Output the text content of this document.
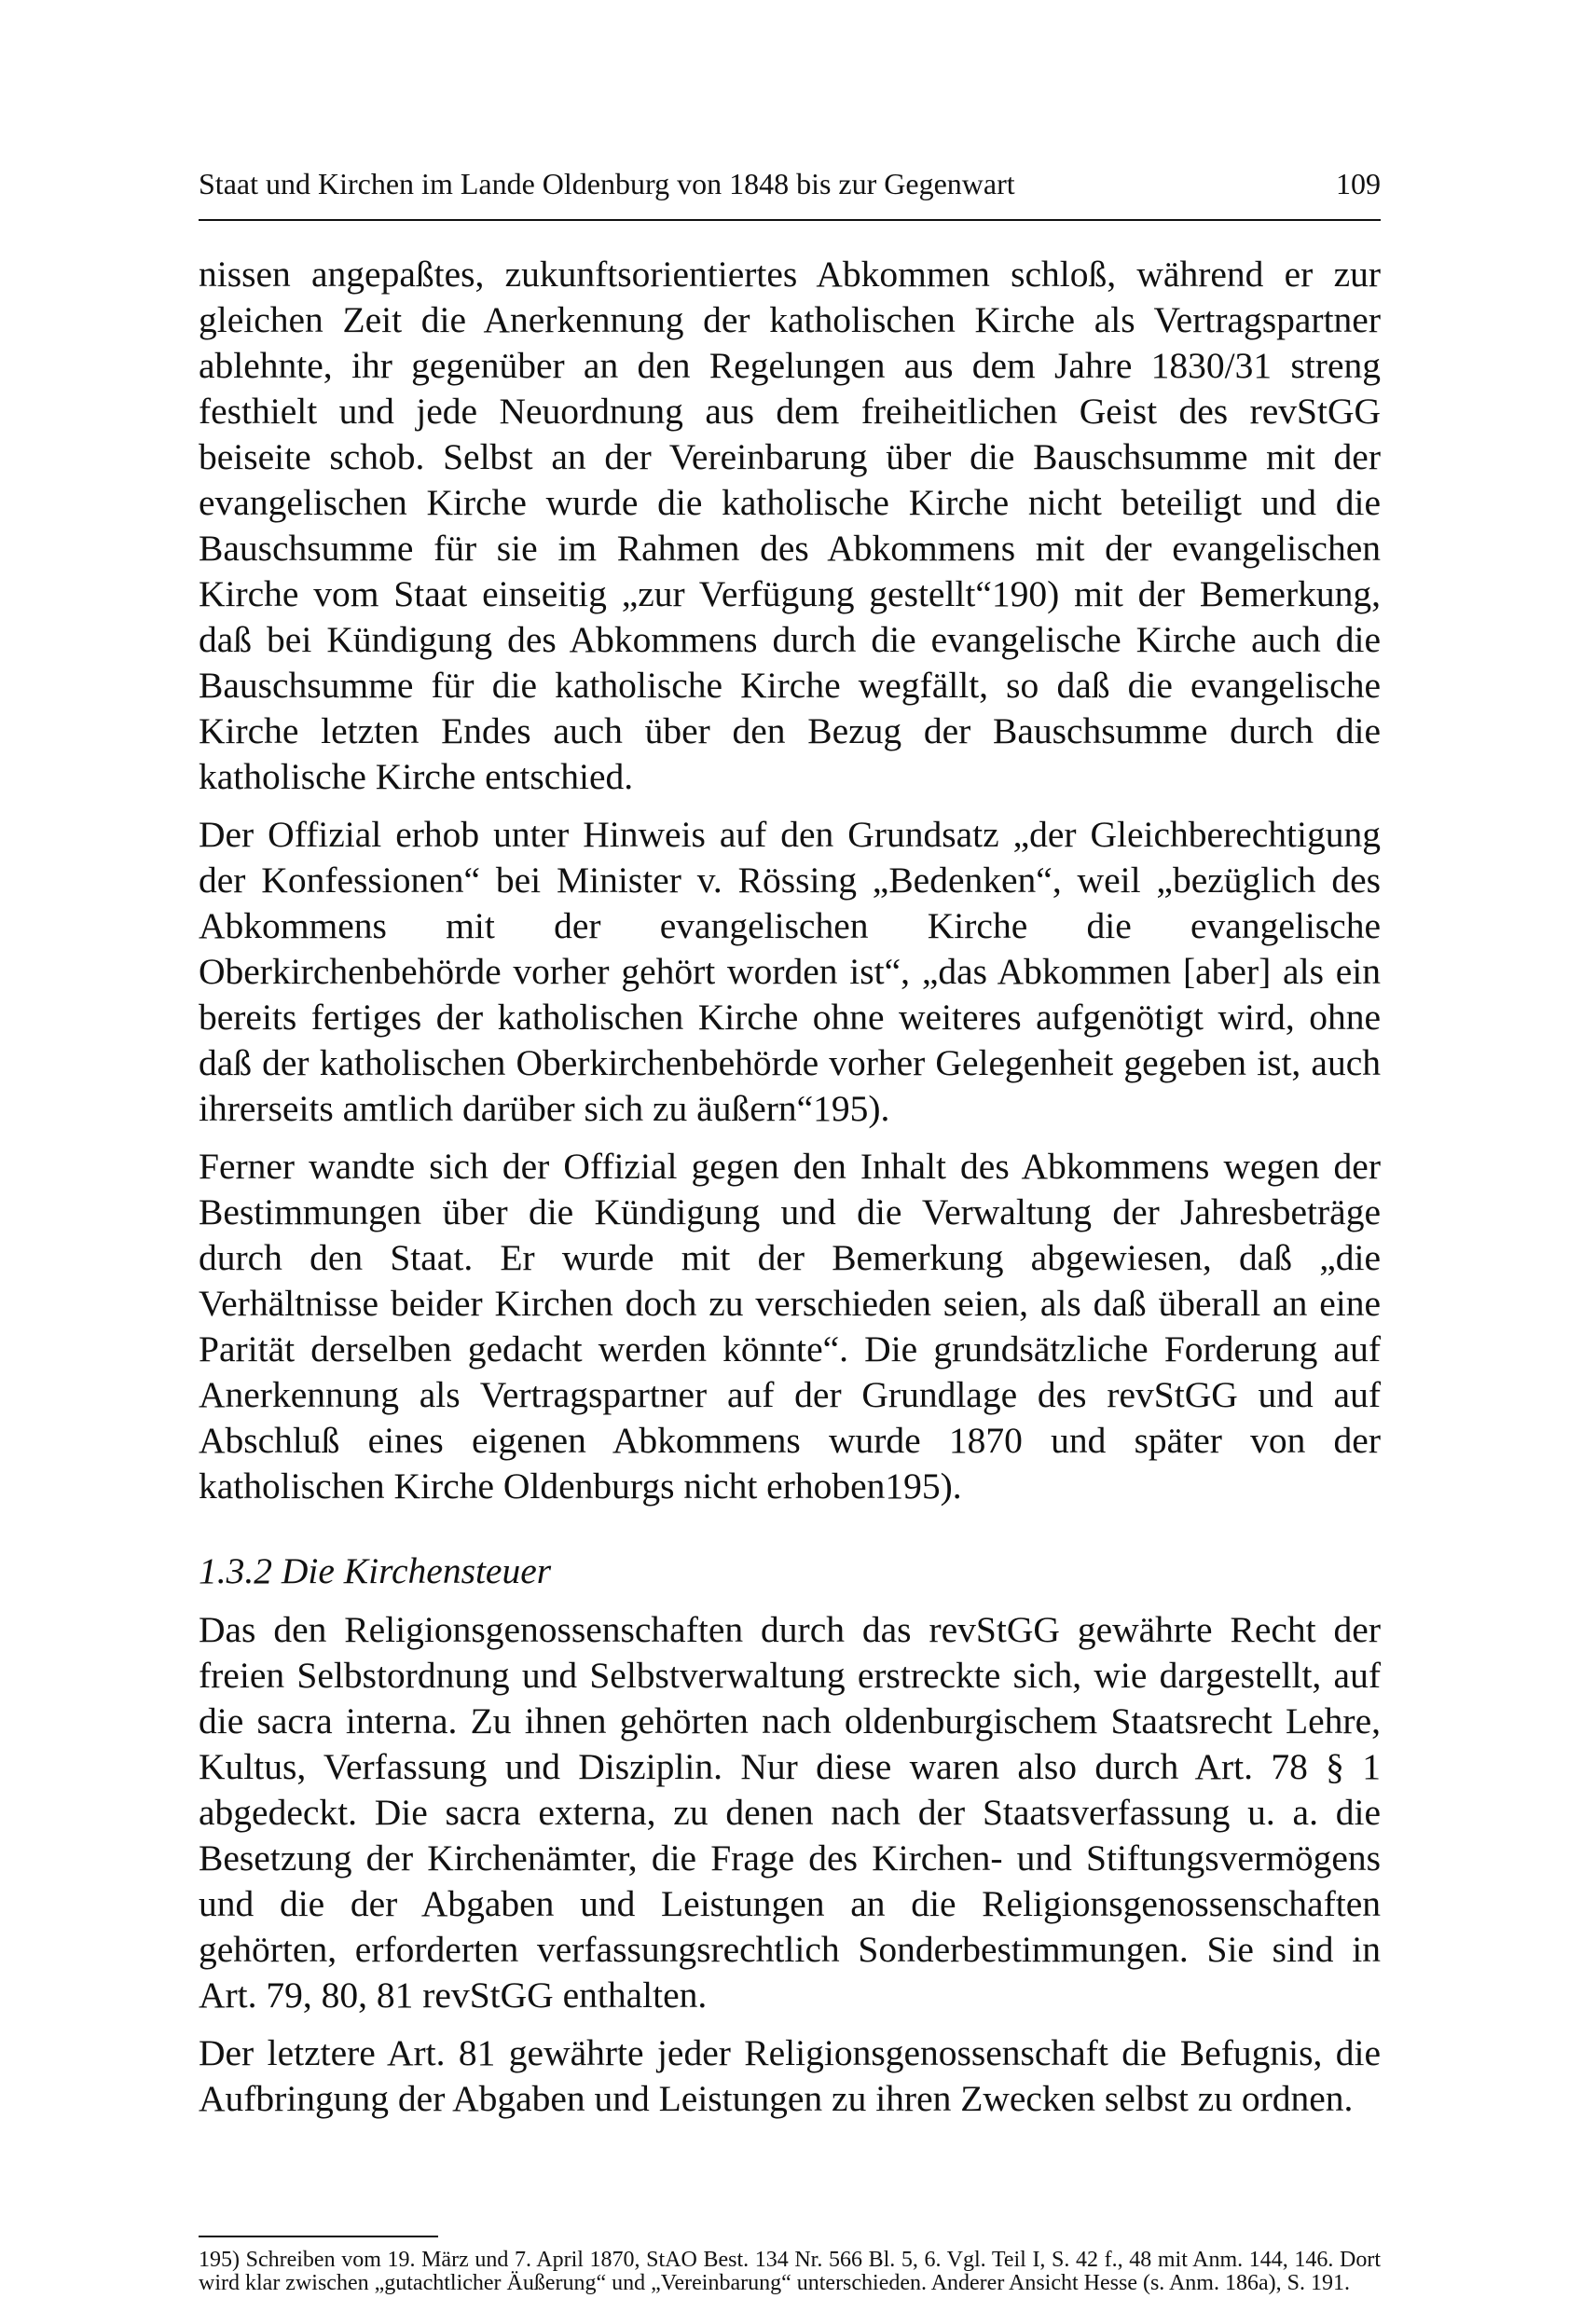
Staat und Kirchen im Lande Oldenburg von 1848 bis zur Gegenwart	109

nissen angepaßtes, zukunftsorientiertes Abkommen schloß, während er zur gleichen Zeit die Anerkennung der katholischen Kirche als Vertragspartner ablehnte, ihr gegenüber an den Regelungen aus dem Jahre 1830/31 streng festhielt und jede Neuordnung aus dem freiheitlichen Geist des revStGG beiseite schob. Selbst an der Vereinbarung über die Bauschsumme mit der evangelischen Kirche wurde die katholische Kirche nicht beteiligt und die Bauschsumme für sie im Rahmen des Abkommens mit der evangelischen Kirche vom Staat einseitig „zur Verfügung gestellt“190) mit der Bemerkung, daß bei Kündigung des Abkommens durch die evangelische Kirche auch die Bauschsumme für die katholische Kirche wegfällt, so daß die evangelische Kirche letzten Endes auch über den Bezug der Bauschsumme durch die katholische Kirche entschied.

Der Offizial erhob unter Hinweis auf den Grundsatz „der Gleichberechtigung der Konfessionen“ bei Minister v. Rössing „Bedenken“, weil „bezüglich des Abkommens mit der evangelischen Kirche die evangelische Oberkirchenbehörde vorher gehört worden ist“, „das Abkommen [aber] als ein bereits fertiges der katholischen Kirche ohne weiteres aufgenötigt wird, ohne daß der katholischen Oberkirchenbehörde vorher Gelegenheit gegeben ist, auch ihrerseits amtlich darüber sich zu äußern“195).

Ferner wandte sich der Offizial gegen den Inhalt des Abkommens wegen der Bestimmungen über die Kündigung und die Verwaltung der Jahresbeträge durch den Staat. Er wurde mit der Bemerkung abgewiesen, daß „die Verhältnisse beider Kirchen doch zu verschieden seien, als daß überall an eine Parität derselben gedacht werden könnte“. Die grundsätzliche Forderung auf Anerkennung als Vertragspartner auf der Grundlage des revStGG und auf Abschluß eines eigenen Abkommens wurde 1870 und später von der katholischen Kirche Oldenburgs nicht erhoben195).

1.3.2 Die Kirchensteuer

Das den Religionsgenossenschaften durch das revStGG gewährte Recht der freien Selbstordnung und Selbstverwaltung erstreckte sich, wie dargestellt, auf die sacra interna. Zu ihnen gehörten nach oldenburgischem Staatsrecht Lehre, Kultus, Verfassung und Disziplin. Nur diese waren also durch Art. 78 § 1 abgedeckt. Die sacra externa, zu denen nach der Staatsverfassung u. a. die Besetzung der Kirchenämter, die Frage des Kirchen- und Stiftungsvermögens und die der Abgaben und Leistungen an die Religionsgenossenschaften gehörten, erforderten verfassungsrechtlich Sonderbestimmungen. Sie sind in Art. 79, 80, 81 revStGG enthalten.

Der letztere Art. 81 gewährte jeder Religionsgenossenschaft die Befugnis, die Aufbringung der Abgaben und Leistungen zu ihren Zwecken selbst zu ordnen.

195) Schreiben vom 19. März und 7. April 1870, StAO Best. 134 Nr. 566 Bl. 5, 6. Vgl. Teil I, S. 42 f., 48 mit Anm. 144, 146. Dort wird klar zwischen „gutachtlicher Äußerung“ und „Vereinbarung“ unterschieden. Anderer Ansicht Hesse (s. Anm. 186a), S. 191.
